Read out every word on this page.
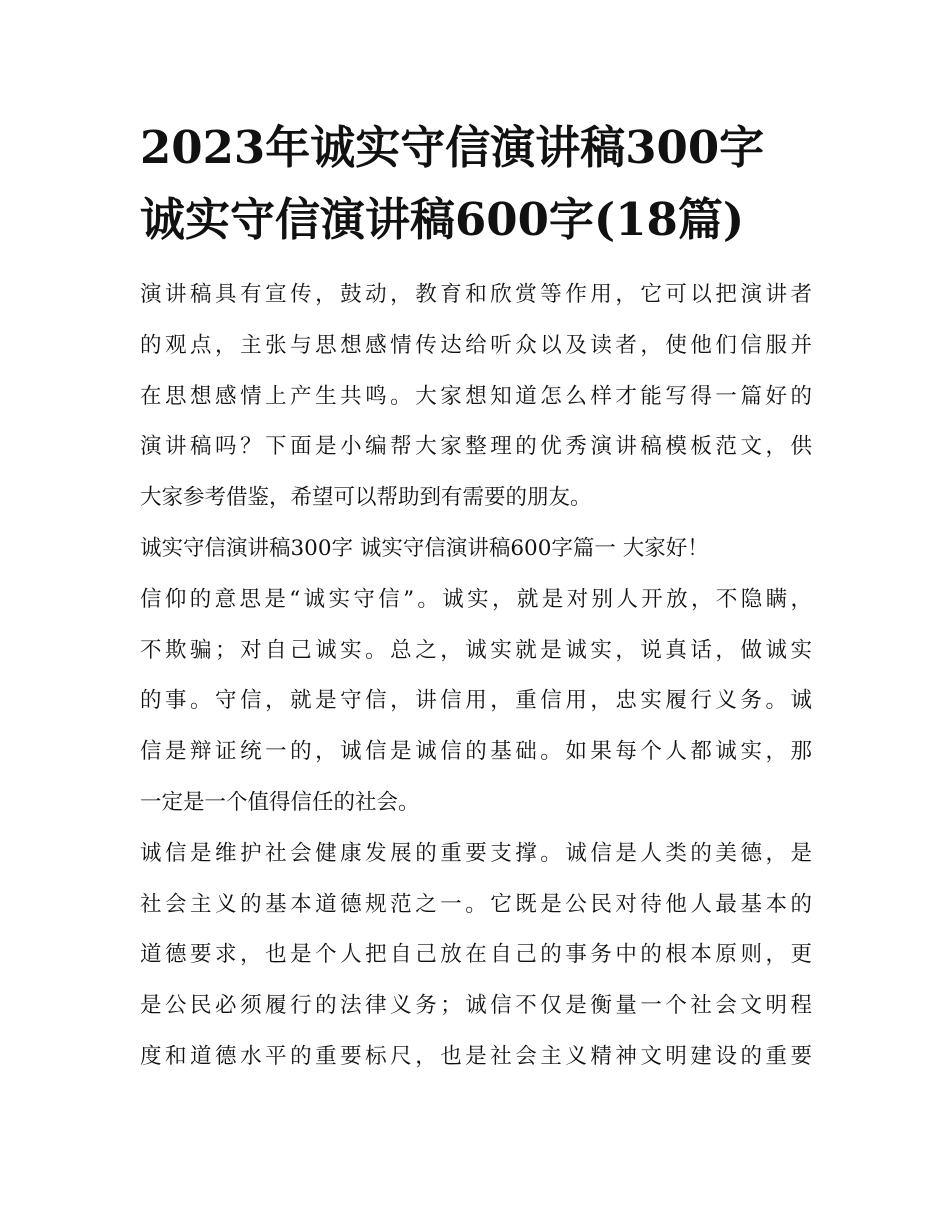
2023年诚实守信演讲稿300字
诚实守信演讲稿600字(18篇)

演讲稿具有宣传，鼓动，教育和欣赏等作用，它可以把演讲者
的观点，主张与思想感情传达给听众以及读者，使他们信服并
在思想感情上产生共鸣。大家想知道怎么样才能写得一篇好的
演讲稿吗？下面是小编帮大家整理的优秀演讲稿模板范文，供
大家参考借鉴，希望可以帮助到有需要的朋友。

诚实守信演讲稿300字 诚实守信演讲稿600字篇一 大家好！

信仰的意思是“诚实守信”。诚实，就是对别人开放，不隐瞒，
不欺骗；对自己诚实。总之，诚实就是诚实，说真话，做诚实
的事。守信，就是守信，讲信用，重信用，忠实履行义务。诚
信是辩证统一的，诚信是诚信的基础。如果每个人都诚实，那
一定是一个值得信任的社会。

诚信是维护社会健康发展的重要支撑。诚信是人类的美德，是
社会主义的基本道德规范之一。它既是公民对待他人最基本的
道德要求，也是个人把自己放在自己的事务中的根本原则，更
是公民必须履行的法律义务；诚信不仅是衡量一个社会文明程
度和道德水平的重要标尺，也是社会主义精神文明建设的重要
